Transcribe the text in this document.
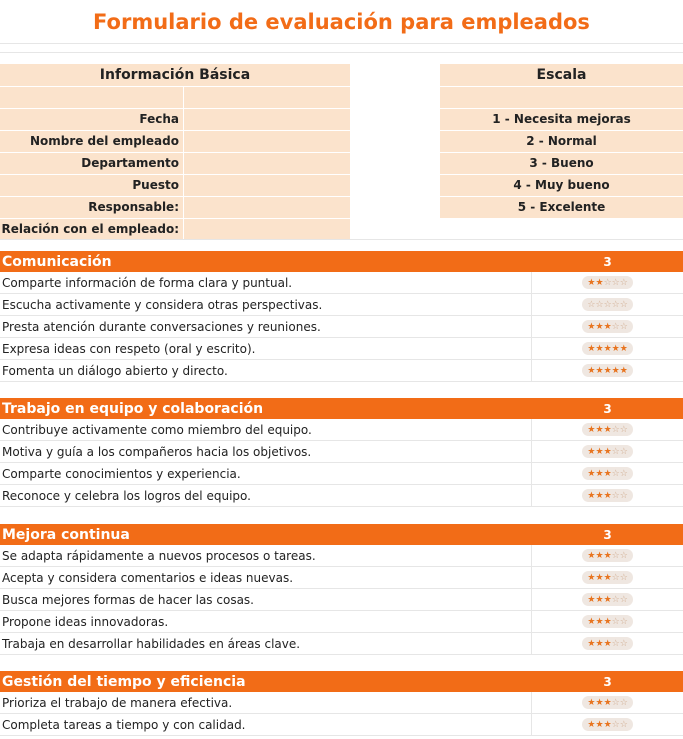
Formulario de evaluación para empleados
Información Básica
Fecha
Nombre del empleado
Departamento
Puesto
Responsable:
Relación con el empleado:
Escala
1 - Necesita mejoras
2 - Normal
3 - Bueno
4 - Muy bueno
5 - Excelente
Comunicación	3
Comparte información de forma clara y puntual.	★ ★ ☆ ☆ ☆
Escucha activamente y considera otras perspectivas.	☆ ☆ ☆ ☆ ☆
Presta atención durante conversaciones y reuniones.	★ ★ ★ ☆ ☆
Expresa ideas con respeto (oral y escrito).	★ ★ ★ ★ ★
Fomenta un diálogo abierto y directo.	★ ★ ★ ★ ★
Trabajo en equipo y colaboración	3
Contribuye activamente como miembro del equipo.	★ ★ ★ ☆ ☆
Motiva y guía a los compañeros hacia los objetivos.	★ ★ ★ ☆ ☆
Comparte conocimientos y experiencia.	★ ★ ★ ☆ ☆
Reconoce y celebra los logros del equipo.	★ ★ ★ ☆ ☆
Mejora continua	3
Se adapta rápidamente a nuevos procesos o tareas.	★ ★ ★ ☆ ☆
Acepta y considera comentarios e ideas nuevas.	★ ★ ★ ☆ ☆
Busca mejores formas de hacer las cosas.	★ ★ ★ ☆ ☆
Propone ideas innovadoras.	★ ★ ★ ☆ ☆
Trabaja en desarrollar habilidades en áreas clave.	★ ★ ★ ☆ ☆
Gestión del tiempo y eficiencia	3
Prioriza el trabajo de manera efectiva.	★ ★ ★ ☆ ☆
Completa tareas a tiempo y con calidad.	★ ★ ★ ☆ ☆
